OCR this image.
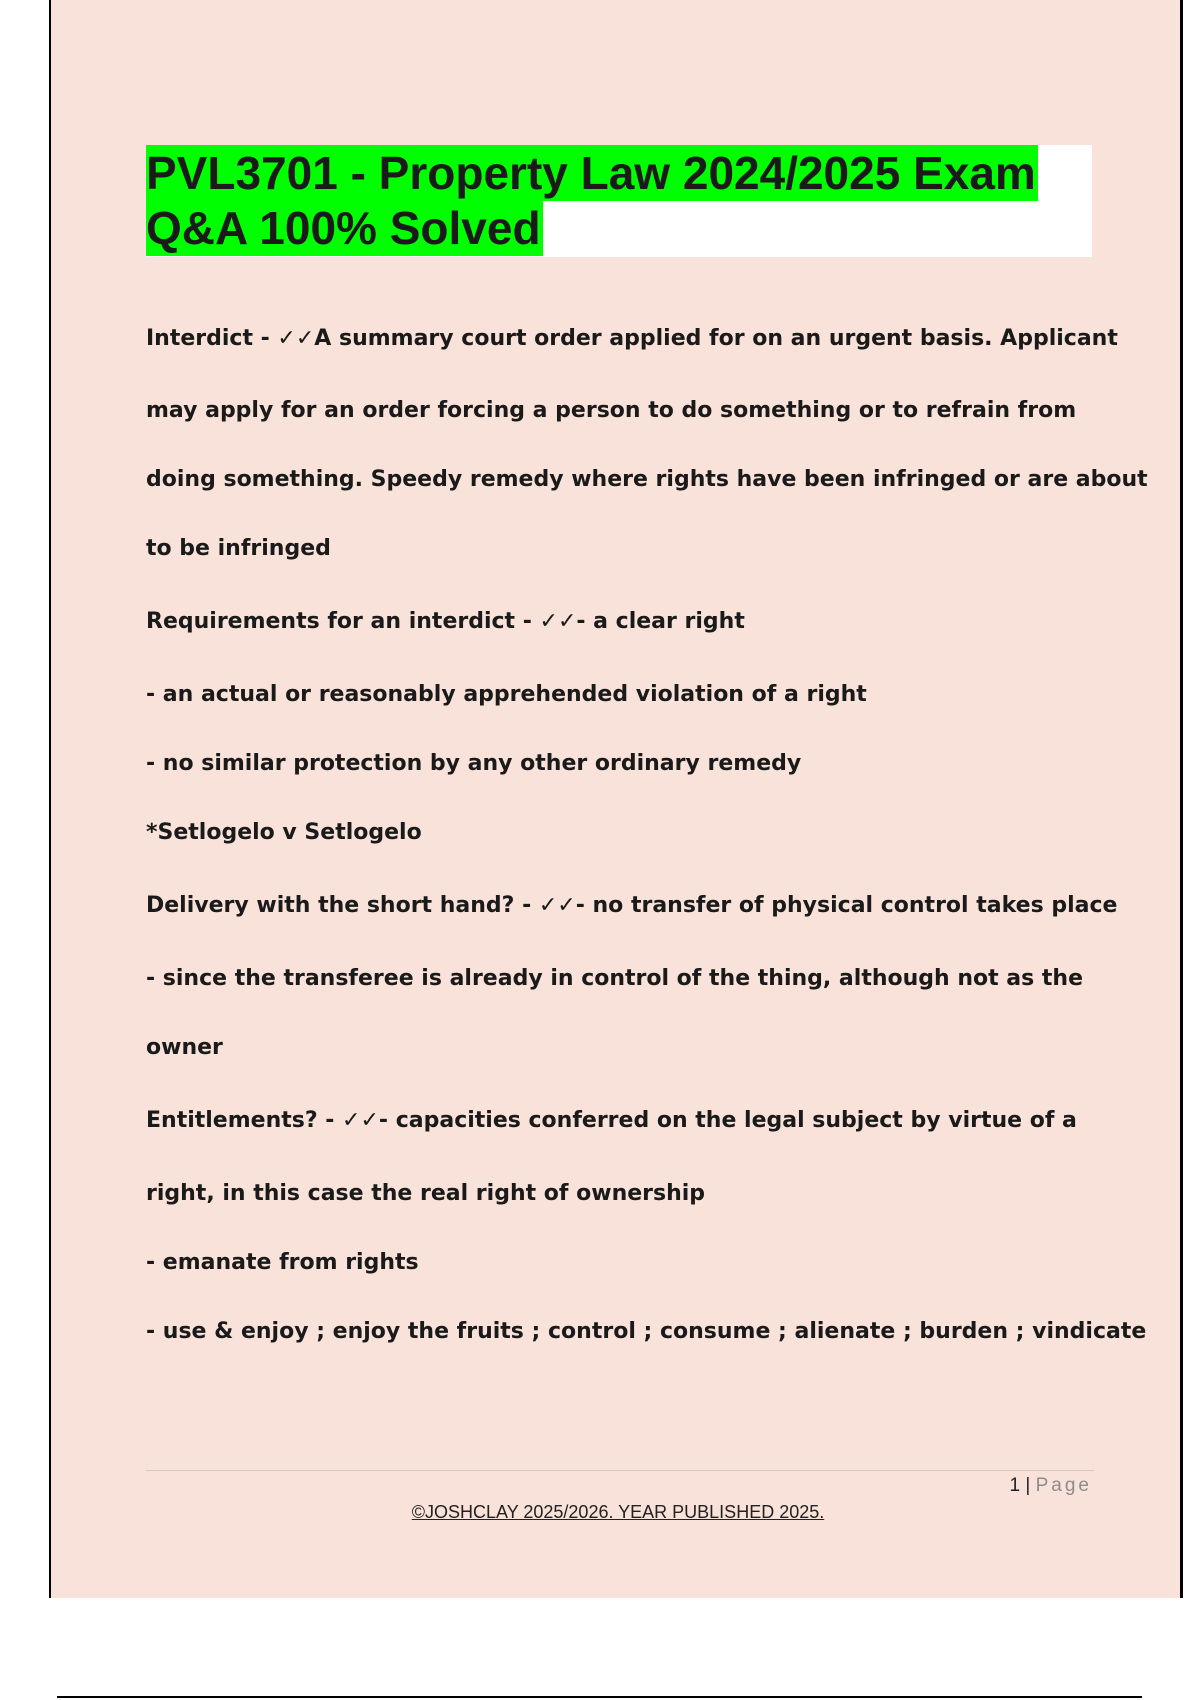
PVL3701 - Property Law 2024/2025 Exam
Q&A 100% Solved
Interdict - ✓✓A summary court order applied for on an urgent basis. Applicant
may apply for an order forcing a person to do something or to refrain from
doing something. Speedy remedy where rights have been infringed or are about
to be infringed
Requirements for an interdict - ✓✓- a clear right
- an actual or reasonably apprehended violation of a right
- no similar protection by any other ordinary remedy
*Setlogelo v Setlogelo
Delivery with the short hand? - ✓✓- no transfer of physical control takes place
- since the transferee is already in control of the thing, although not as the
owner
Entitlements? - ✓✓- capacities conferred on the legal subject by virtue of a
right, in this case the real right of ownership
- emanate from rights
- use & enjoy ; enjoy the fruits ; control ; consume ; alienate ; burden ; vindicate
1 | Page
©JOSHCLAY 2025/2026. YEAR PUBLISHED 2025.
